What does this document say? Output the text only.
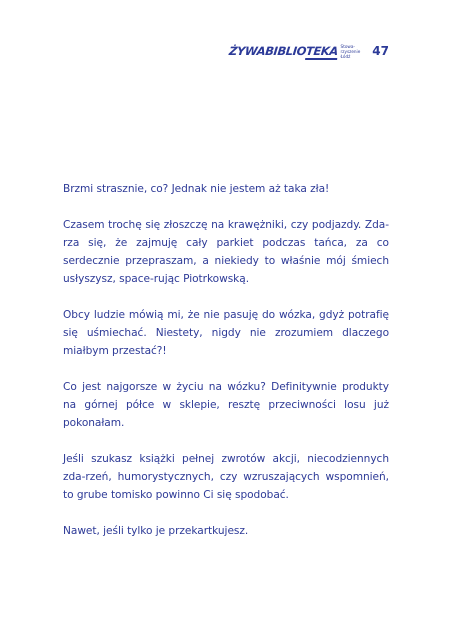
ŻYWABIBLIOTEKA Stowa-
rzyszenie
Łódź	47

Brzmi strasznie, co? Jednak nie jestem aż taka zła!

Czasem trochę się złoszczę na krawężniki, czy podjazdy. Zda-rza się, że zajmuję cały parkiet podczas tańca, za co serdecznie przepraszam, a niekiedy to właśnie mój śmiech usłyszysz, space-rując Piotrkowską.

Obcy ludzie mówią mi, że nie pasuję do wózka, gdyż potrafię się uśmiechać. Niestety, nigdy nie zrozumiem dlaczego miałbym przestać?!

Co jest najgorsze w życiu na wózku? Definitywnie produkty na górnej półce w sklepie, resztę przeciwności losu już pokonałam.

Jeśli szukasz książki pełnej zwrotów akcji, niecodziennych zda-rzeń, humorystycznych, czy wzruszających wspomnień, to grube tomisko powinno Ci się spodobać.

Nawet, jeśli tylko je przekartkujesz.
